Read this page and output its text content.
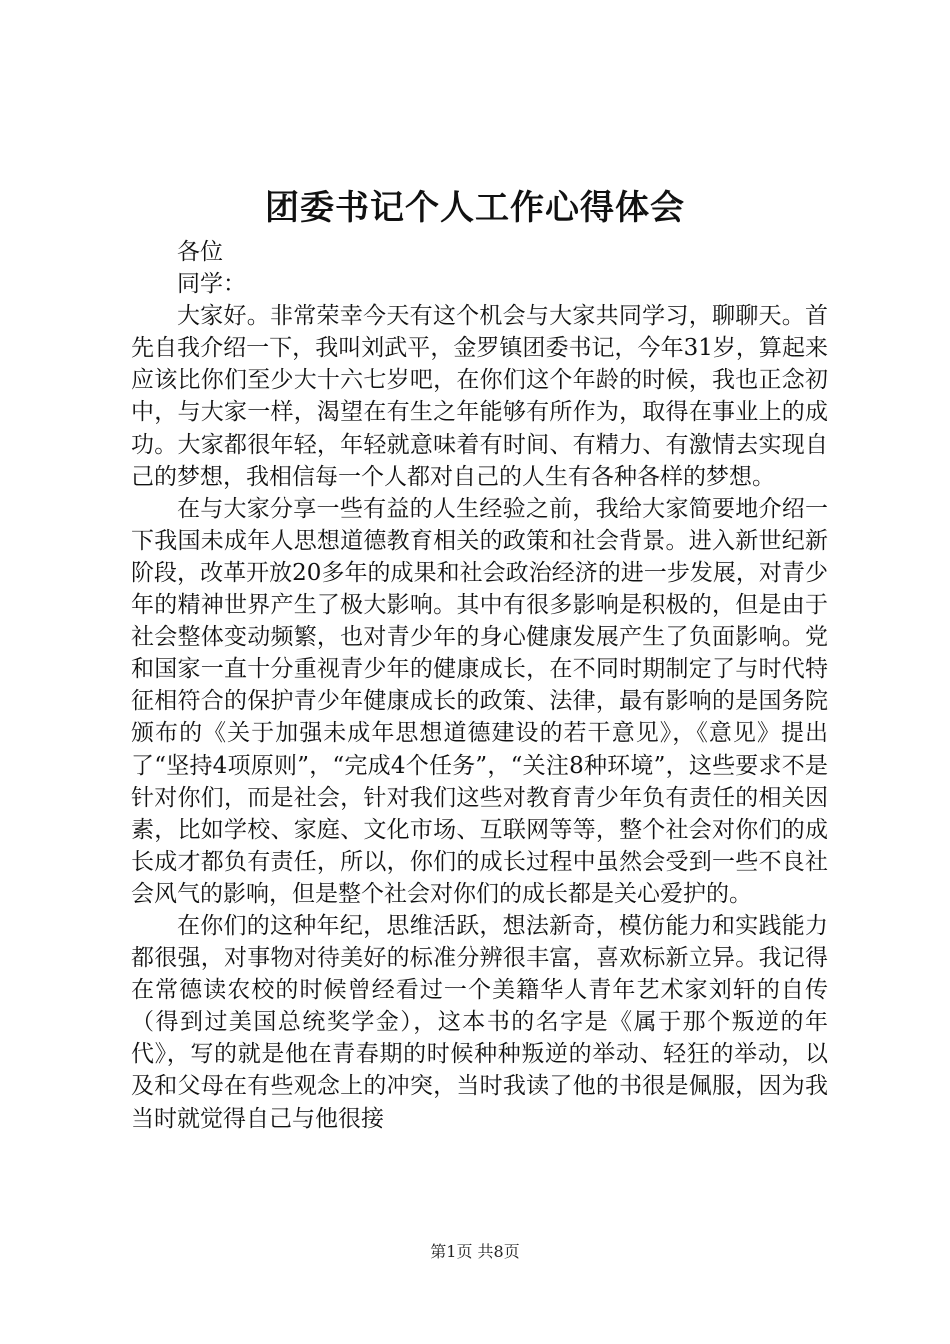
团委书记个人工作心得体会
各位
同学：

大家好。非常荣幸今天有这个机会与大家共同学习，聊聊天。首先自我介绍一下，我叫刘武平，金罗镇团委书记，今年31岁，算起来应该比你们至少大十六七岁吧，在你们这个年龄的时候，我也正念初中，与大家一样，渴望在有生之年能够有所作为，取得在事业上的成功。大家都很年轻，年轻就意味着有时间、有精力、有激情去实现自己的梦想，我相信每一个人都对自己的人生有各种各样的梦想。

在与大家分享一些有益的人生经验之前，我给大家简要地介绍一下我国未成年人思想道德教育相关的政策和社会背景。进入新世纪新阶段，改革开放20多年的成果和社会政治经济的进一步发展，对青少年的精神世界产生了极大影响。其中有很多影响是积极的，但是由于社会整体变动频繁，也对青少年的身心健康发展产生了负面影响。党和国家一直十分重视青少年的健康成长，在不同时期制定了与时代特征相符合的保护青少年健康成长的政策、法律，最有影响的是国务院颁布的《关于加强未成年思想道德建设的若干意见》，《意见》提出了“坚持4项原则”，“完成4个任务”，“关注8种环境”，这些要求不是针对你们，而是社会，针对我们这些对教育青少年负有责任的相关因素，比如学校、家庭、文化市场、互联网等等，整个社会对你们的成长成才都负有责任，所以，你们的成长过程中虽然会受到一些不良社会风气的影响，但是整个社会对你们的成长都是关心爱护的。

在你们的这种年纪，思维活跃，想法新奇，模仿能力和实践能力都很强，对事物对待美好的标准分辨很丰富，喜欢标新立异。我记得在常德读农校的时候曾经看过一个美籍华人青年艺术家刘轩的自传（得到过美国总统奖学金），这本书的名字是《属于那个叛逆的年代》，写的就是他在青春期的时候种种叛逆的举动、轻狂的举动，以及和父母在有些观念上的冲突，当时我读了他的书很是佩服，因为我当时就觉得自己与他很接

第1页 共8页
